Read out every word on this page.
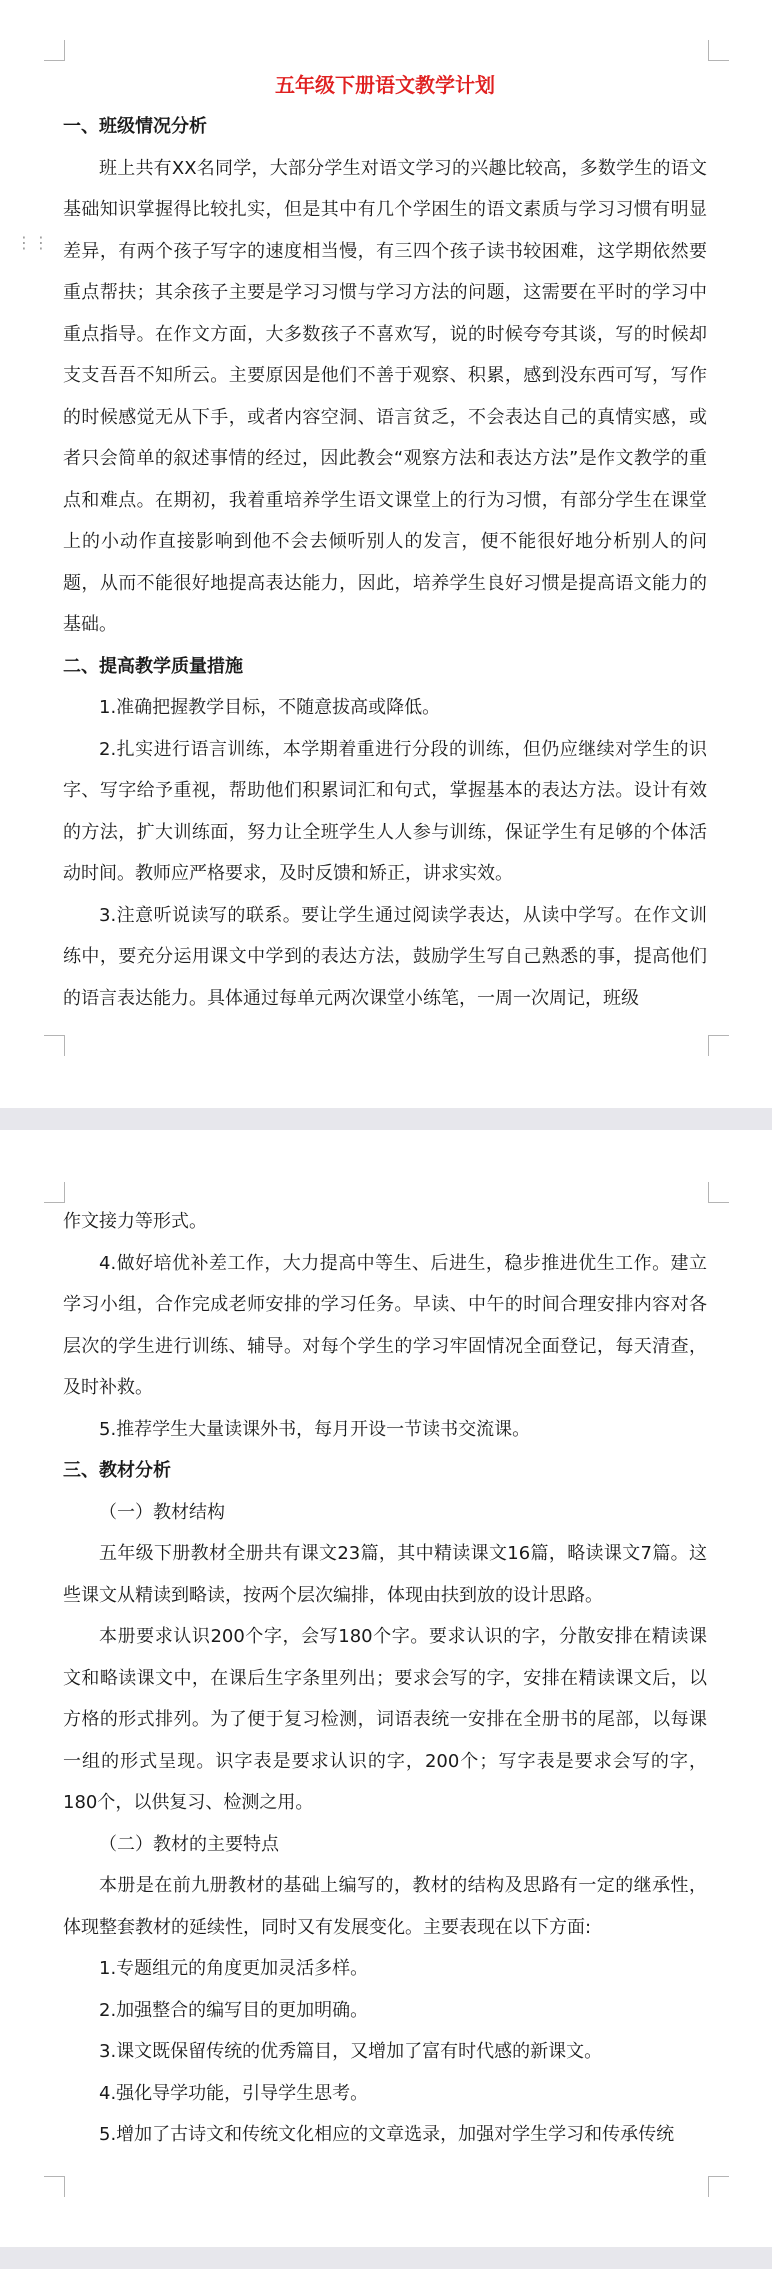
⋮⋮
五年级下册语文教学计划

一、班级情况分析

班上共有XX名同学，大部分学生对语文学习的兴趣比较高，多数学生的语文基础知识掌握得比较扎实，但是其中有几个学困生的语文素质与学习习惯有明显差异，有两个孩子写字的速度相当慢，有三四个孩子读书较困难，这学期依然要重点帮扶；其余孩子主要是学习习惯与学习方法的问题，这需要在平时的学习中重点指导。在作文方面，大多数孩子不喜欢写，说的时候夸夸其谈，写的时候却支支吾吾不知所云。主要原因是他们不善于观察、积累，感到没东西可写，写作的时候感觉无从下手，或者内容空洞、语言贫乏，不会表达自己的真情实感，或者只会简单的叙述事情的经过，因此教会“观察方法和表达方法”是作文教学的重点和难点。在期初，我着重培养学生语文课堂上的行为习惯，有部分学生在课堂上的小动作直接影响到他不会去倾听别人的发言，便不能很好地分析别人的问题，从而不能很好地提高表达能力，因此，培养学生良好习惯是提高语文能力的基础。

二、提高教学质量措施

1.准确把握教学目标，不随意拔高或降低。

2.扎实进行语言训练，本学期着重进行分段的训练，但仍应继续对学生的识字、写字给予重视，帮助他们积累词汇和句式，掌握基本的表达方法。设计有效的方法，扩大训练面，努力让全班学生人人参与训练，保证学生有足够的个体活动时间。教师应严格要求，及时反馈和矫正，讲求实效。

3.注意听说读写的联系。要让学生通过阅读学表达，从读中学写。在作文训练中，要充分运用课文中学到的表达方法，鼓励学生写自己熟悉的事，提高他们的语言表达能力。具体通过每单元两次课堂小练笔，一周一次周记，班级

作文接力等形式。

4.做好培优补差工作，大力提高中等生、后进生，稳步推进优生工作。建立学习小组，合作完成老师安排的学习任务。早读、中午的时间合理安排内容对各层次的学生进行训练、辅导。对每个学生的学习牢固情况全面登记，每天清查，及时补救。

5.推荐学生大量读课外书，每月开设一节读书交流课。

三、教材分析

（一）教材结构

五年级下册教材全册共有课文23篇，其中精读课文16篇，略读课文7篇。这些课文从精读到略读，按两个层次编排，体现由扶到放的设计思路。

本册要求认识200个字，会写180个字。要求认识的字，分散安排在精读课文和略读课文中，在课后生字条里列出；要求会写的字，安排在精读课文后，以方格的形式排列。为了便于复习检测，词语表统一安排在全册书的尾部，以每课一组的形式呈现。识字表是要求认识的字，200个；写字表是要求会写的字，180个，以供复习、检测之用。

（二）教材的主要特点

本册是在前九册教材的基础上编写的，教材的结构及思路有一定的继承性，体现整套教材的延续性，同时又有发展变化。主要表现在以下方面:

1.专题组元的角度更加灵活多样。

2.加强整合的编写目的更加明确。

3.课文既保留传统的优秀篇目，又增加了富有时代感的新课文。

4.强化导学功能，引导学生思考。

5.增加了古诗文和传统文化相应的文章选录，加强对学生学习和传承传统
